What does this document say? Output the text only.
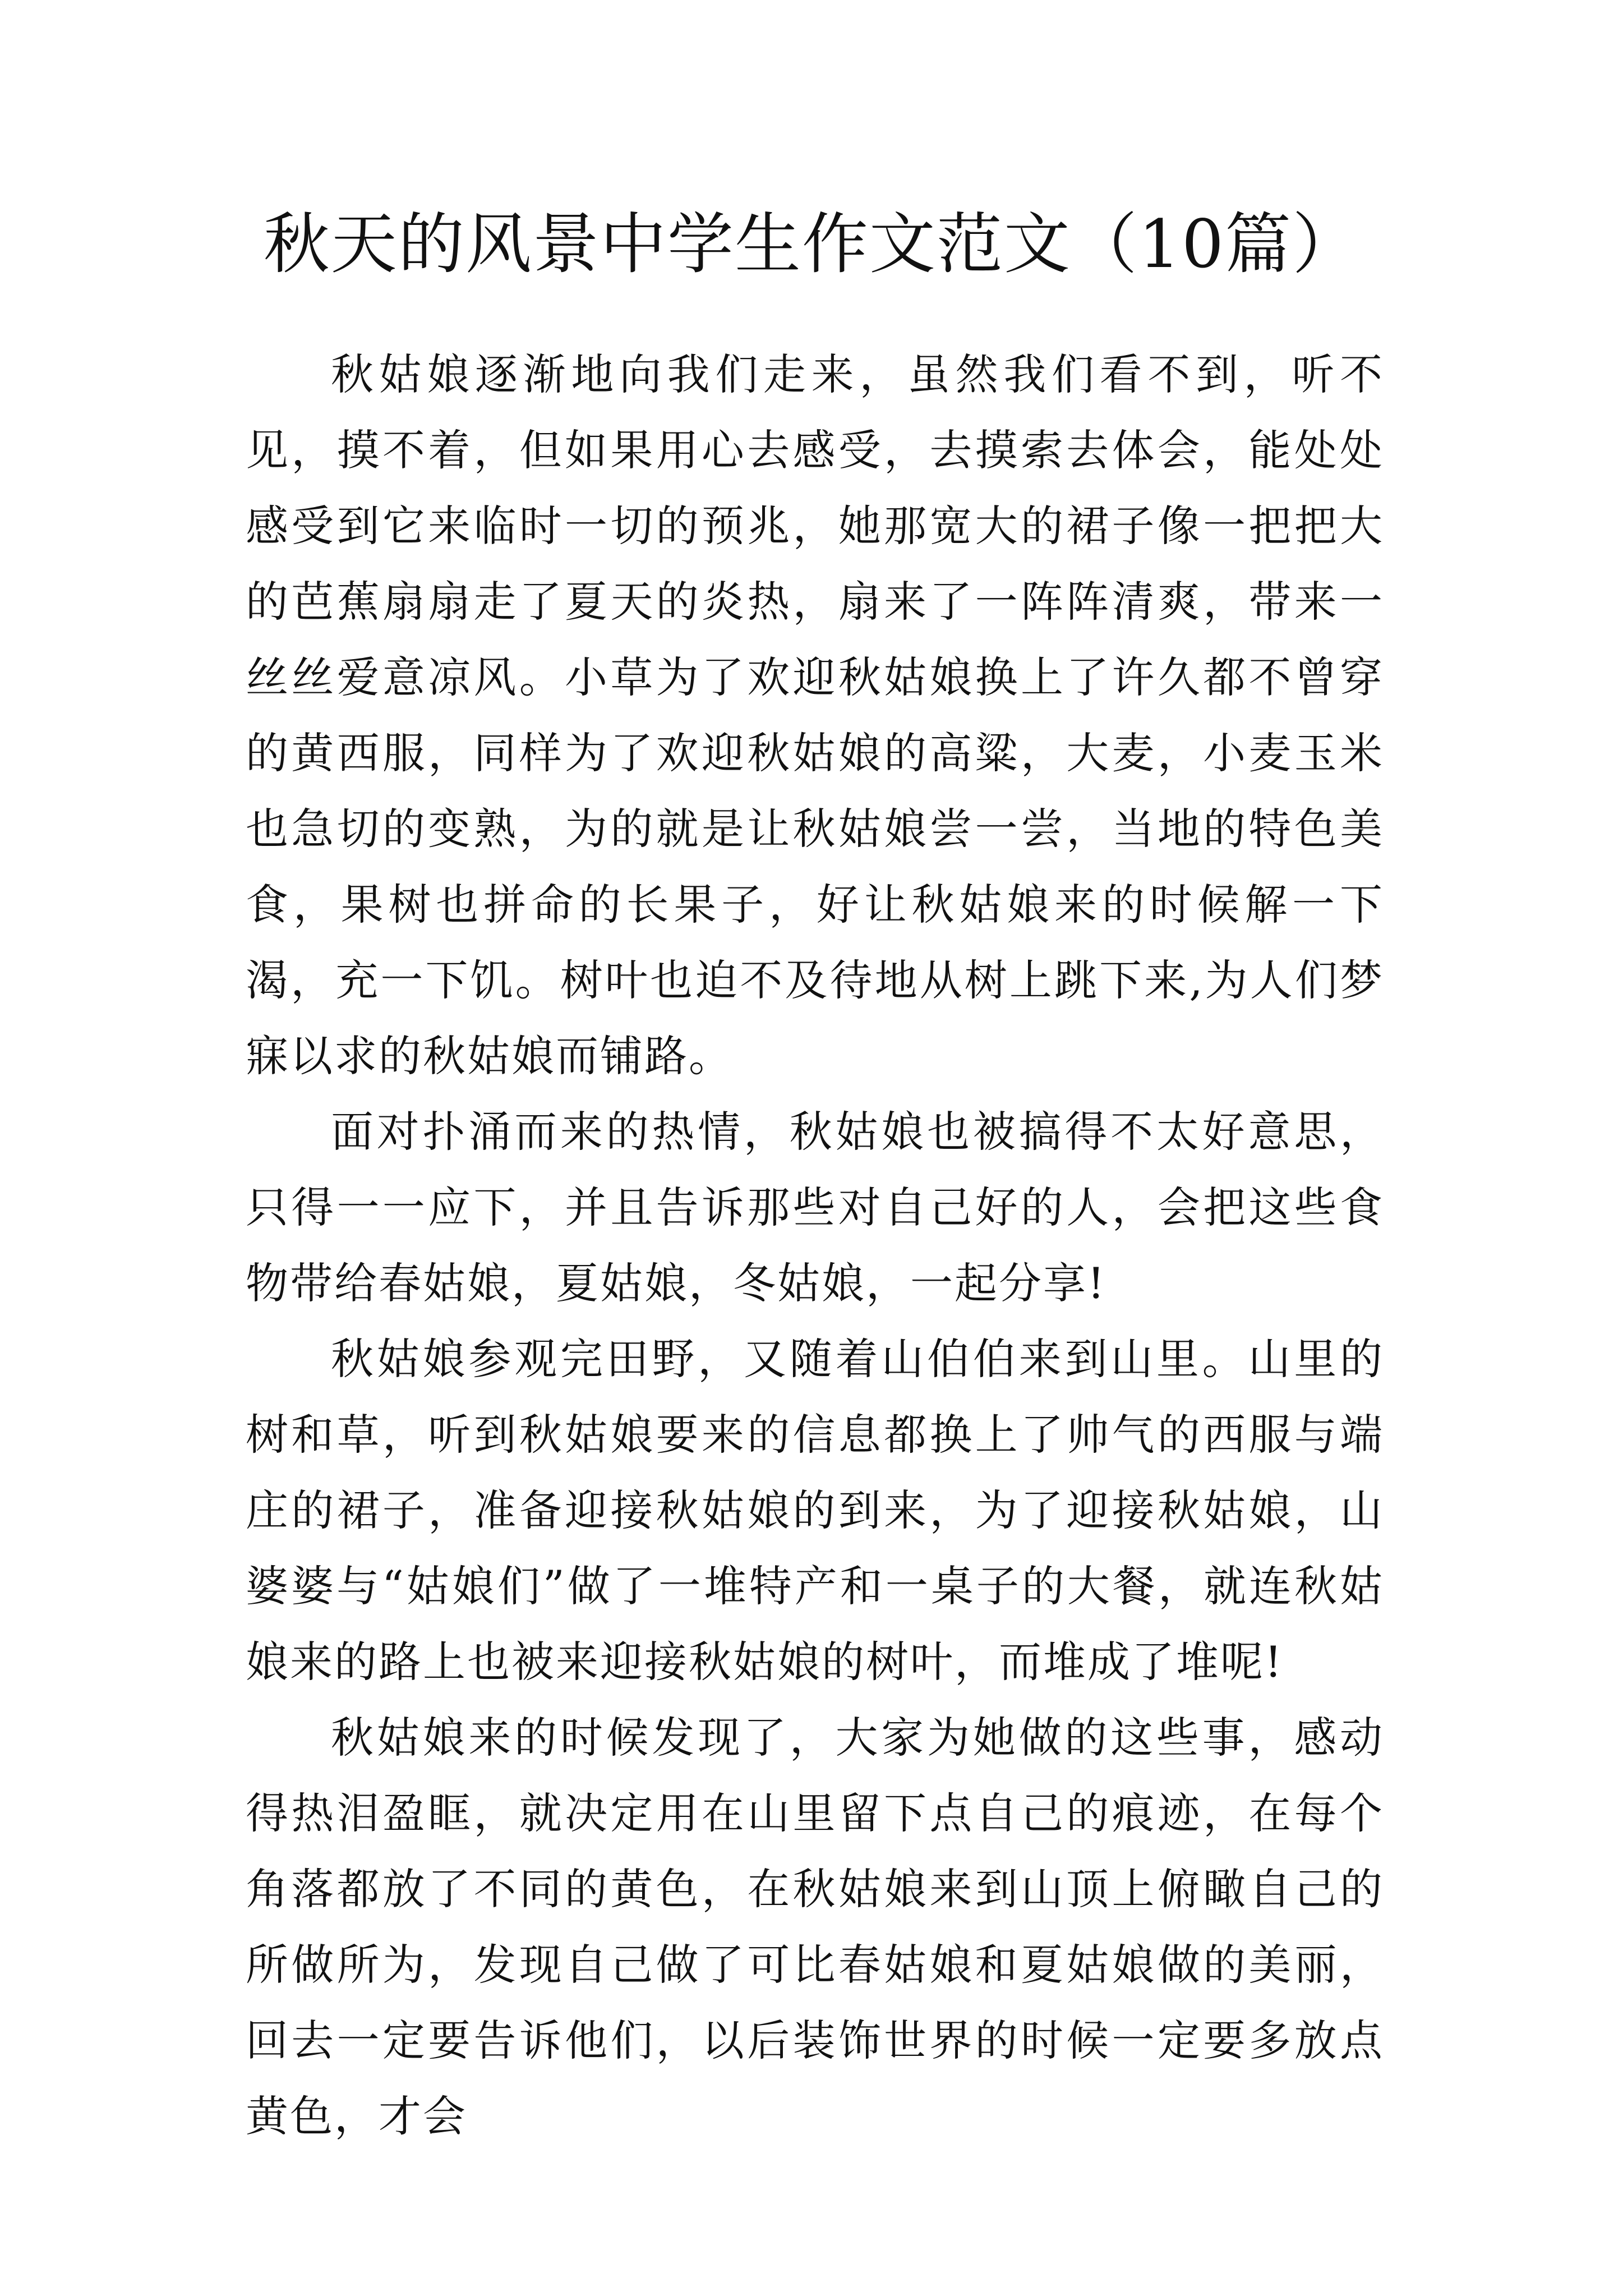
秋天的风景中学生作文范文（10篇）

秋姑娘逐渐地向我们走来，虽然我们看不到，听不见，摸不着，但如果用心去感受，去摸索去体会，能处处感受到它来临时一切的预兆，她那宽大的裙子像一把把大的芭蕉扇扇走了夏天的炎热，扇来了一阵阵清爽，带来一丝丝爱意凉风。小草为了欢迎秋姑娘换上了许久都不曾穿的黄西服，同样为了欢迎秋姑娘的高粱，大麦，小麦玉米也急切的变熟，为的就是让秋姑娘尝一尝，当地的特色美食，果树也拼命的长果子，好让秋姑娘来的时候解一下渴，充一下饥。树叶也迫不及待地从树上跳下来,为人们梦寐以求的秋姑娘而铺路。

面对扑涌而来的热情，秋姑娘也被搞得不太好意思，只得一一应下，并且告诉那些对自己好的人，会把这些食物带给春姑娘，夏姑娘，冬姑娘，一起分享!

秋姑娘参观完田野，又随着山伯伯来到山里。山里的树和草，听到秋姑娘要来的信息都换上了帅气的西服与端庄的裙子，准备迎接秋姑娘的到来，为了迎接秋姑娘，山婆婆与“姑娘们”做了一堆特产和一桌子的大餐，就连秋姑娘来的路上也被来迎接秋姑娘的树叶，而堆成了堆呢!

秋姑娘来的时候发现了，大家为她做的这些事，感动得热泪盈眶，就决定用在山里留下点自己的痕迹，在每个角落都放了不同的黄色，在秋姑娘来到山顶上俯瞰自己的所做所为，发现自己做了可比春姑娘和夏姑娘做的美丽，回去一定要告诉他们，以后装饰世界的时候一定要多放点黄色，才会
